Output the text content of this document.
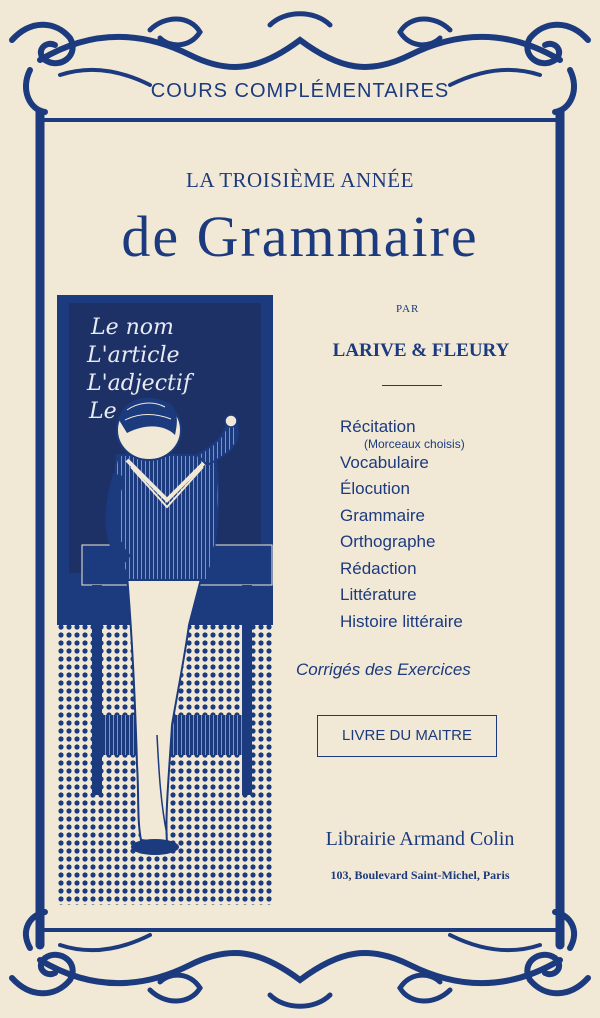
COURS COMPLÉMENTAIRES
LA TROISIÈME ANNÉE
de Grammaire
Le nom
L'article
L'adjectif
Le
PAR
LARIVE & FLEURY
Récitation
(Morceaux choisis)
Vocabulaire
Élocution
Grammaire
Orthographe
Rédaction
Littérature
Histoire littéraire
Corrigés des Exercices
LIVRE DU MAITRE
Librairie Armand Colin
103, Boulevard Saint-Michel, Paris
